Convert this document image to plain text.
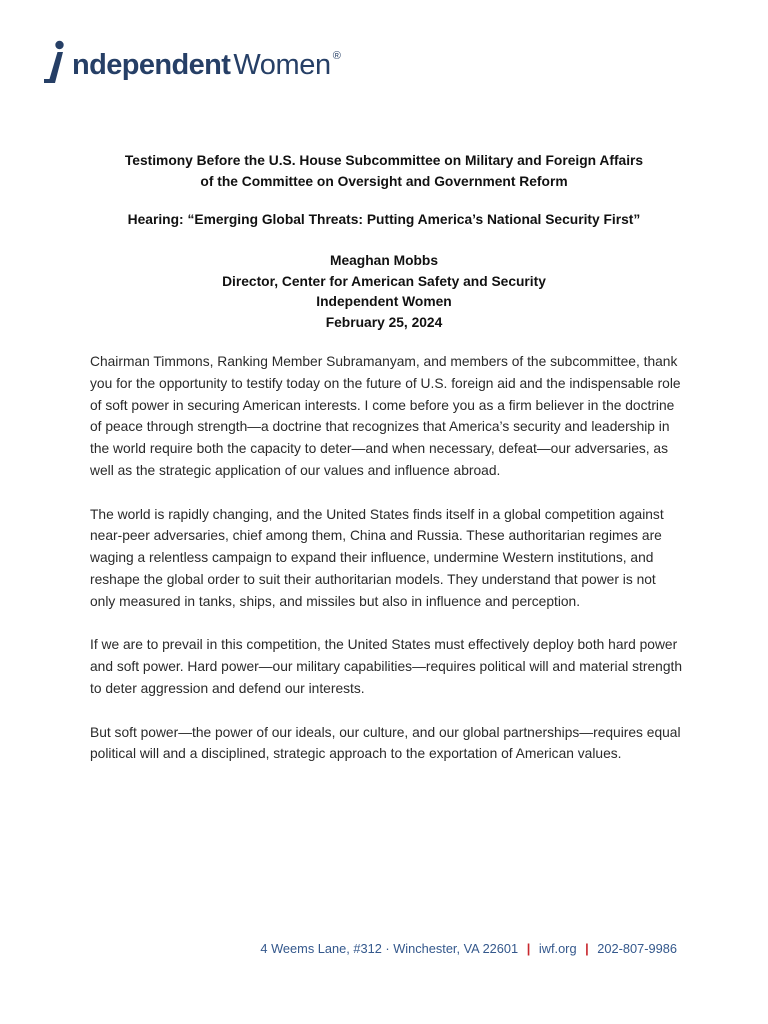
ndependent Women ®
Testimony Before the U.S. House Subcommittee on Military and Foreign Affairs
of the Committee on Oversight and Government Reform
Hearing: “Emerging Global Threats: Putting America’s National Security First”
Meaghan Mobbs
Director, Center for American Safety and Security
Independent Women
February 25, 2024

Chairman Timmons, Ranking Member Subramanyam, and members of the subcommittee, thank you for the opportunity to testify today on the future of U.S. foreign aid and the indispensable role of soft power in securing American interests. I come before you as a firm believer in the doctrine of peace through strength—a doctrine that recognizes that America’s security and leadership in the world require both the capacity to deter—and when necessary, defeat—our adversaries, as well as the strategic application of our values and influence abroad.

The world is rapidly changing, and the United States finds itself in a global competition against near-peer adversaries, chief among them, China and Russia. These authoritarian regimes are waging a relentless campaign to expand their influence, undermine Western institutions, and reshape the global order to suit their authoritarian models. They understand that power is not only measured in tanks, ships, and missiles but also in influence and perception.

If we are to prevail in this competition, the United States must effectively deploy both hard power and soft power. Hard power—our military capabilities—requires political will and material strength to deter aggression and defend our interests.

But soft power—the power of our ideals, our culture, and our global partnerships—requires equal political will and a disciplined, strategic approach to the exportation of American values.

4 Weems Lane, #312 · Winchester, VA 22601 | iwf.org | 202-807-9986
